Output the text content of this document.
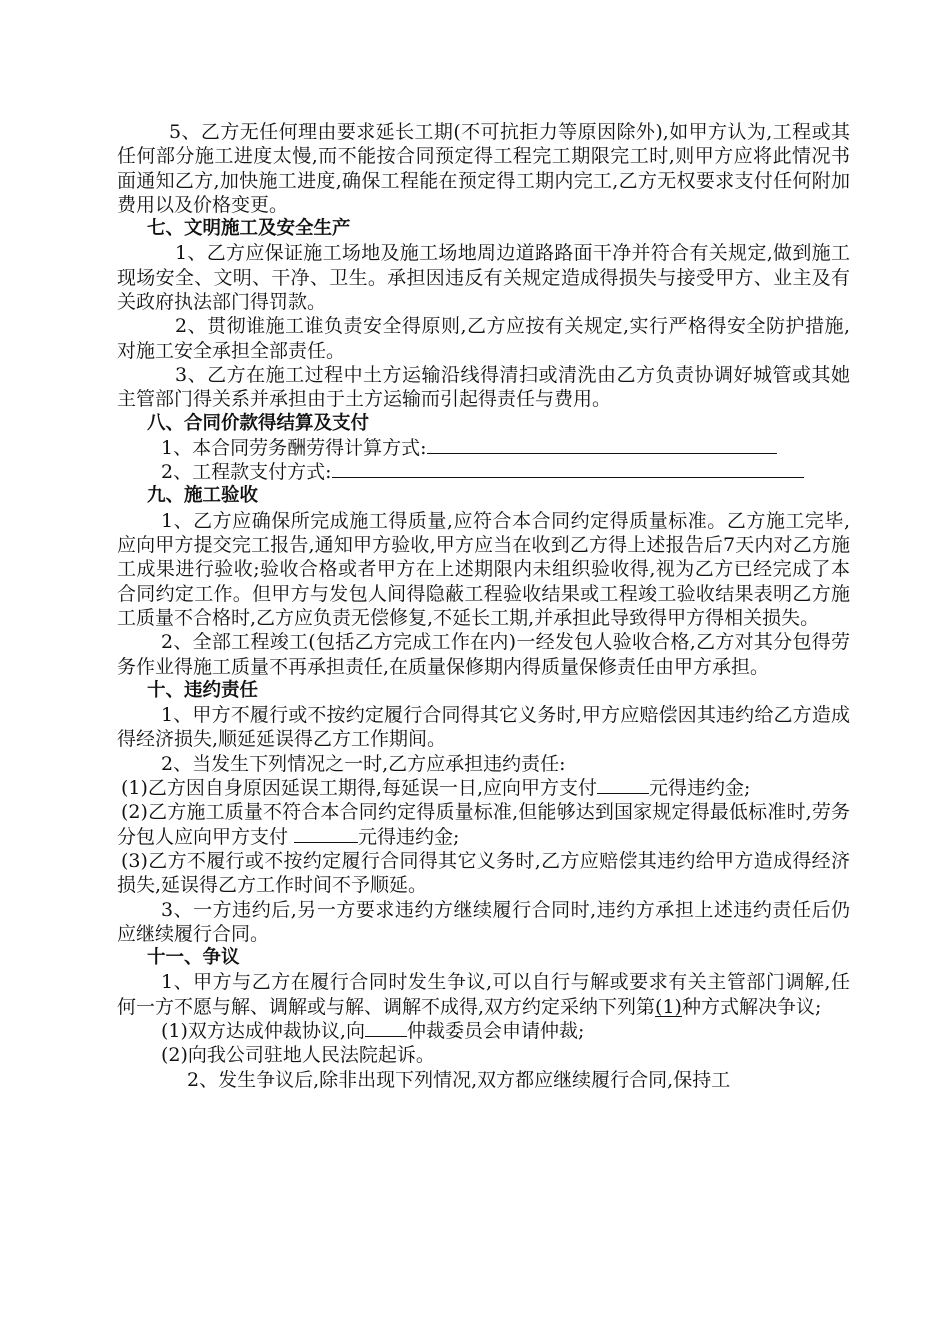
5、乙方无任何理由要求延长工期(不可抗拒力等原因除外),如甲方认为,工程或其任何部分施工进度太慢,而不能按合同预定得工程完工期限完工时,则甲方应将此情况书面通知乙方,加快施工进度,确保工程能在预定得工期内完工,乙方无权要求支付任何附加费用以及价格变更。

七、文明施工及安全生产

1、乙方应保证施工场地及施工场地周边道路路面干净并符合有关规定,做到施工现场安全、文明、干净、卫生。承担因违反有关规定造成得损失与接受甲方、业主及有关政府执法部门得罚款。

2、贯彻谁施工谁负责安全得原则,乙方应按有关规定,实行严格得安全防护措施,对施工安全承担全部责任。

3、乙方在施工过程中土方运输沿线得清扫或清洗由乙方负责协调好城管或其她主管部门得关系并承担由于土方运输而引起得责任与费用。

八、合同价款得结算及支付

1、本合同劳务酬劳得计算方式:

2、工程款支付方式:

九、施工验收

1、乙方应确保所完成施工得质量,应符合本合同约定得质量标准。乙方施工完毕,应向甲方提交完工报告,通知甲方验收,甲方应当在收到乙方得上述报告后7天内对乙方施工成果进行验收;验收合格或者甲方在上述期限内未组织验收得,视为乙方已经完成了本合同约定工作。但甲方与发包人间得隐蔽工程验收结果或工程竣工验收结果表明乙方施工质量不合格时,乙方应负责无偿修复,不延长工期,并承担此导致得甲方得相关损失。

2、全部工程竣工(包括乙方完成工作在内)一经发包人验收合格,乙方对其分包得劳务作业得施工质量不再承担责任,在质量保修期内得质量保修责任由甲方承担。

十、违约责任

1、甲方不履行或不按约定履行合同得其它义务时,甲方应赔偿因其违约给乙方造成得经济损失,顺延延误得乙方工作期间。

2、当发生下列情况之一时,乙方应承担违约责任:

(1)乙方因自身原因延误工期得,每延误一日,应向甲方支付	元得违约金;

(2)乙方施工质量不符合本合同约定得质量标准,但能够达到国家规定得最低标准时,劳务分包人应向甲方支付	元得违约金;

(3)乙方不履行或不按约定履行合同得其它义务时,乙方应赔偿其违约给甲方造成得经济损失,延误得乙方工作时间不予顺延。

3、一方违约后,另一方要求违约方继续履行合同时,违约方承担上述违约责任后仍应继续履行合同。

十一、争议

1、甲方与乙方在履行合同时发生争议,可以自行与解或要求有关主管部门调解,任何一方不愿与解、调解或与解、调解不成得,双方约定采纳下列第(1)种方式解决争议;

(1)双方达成仲裁协议,向 仲裁委员会申请仲裁;

(2)向我公司驻地人民法院起诉。

2、发生争议后,除非出现下列情况,双方都应继续履行合同,保持工
